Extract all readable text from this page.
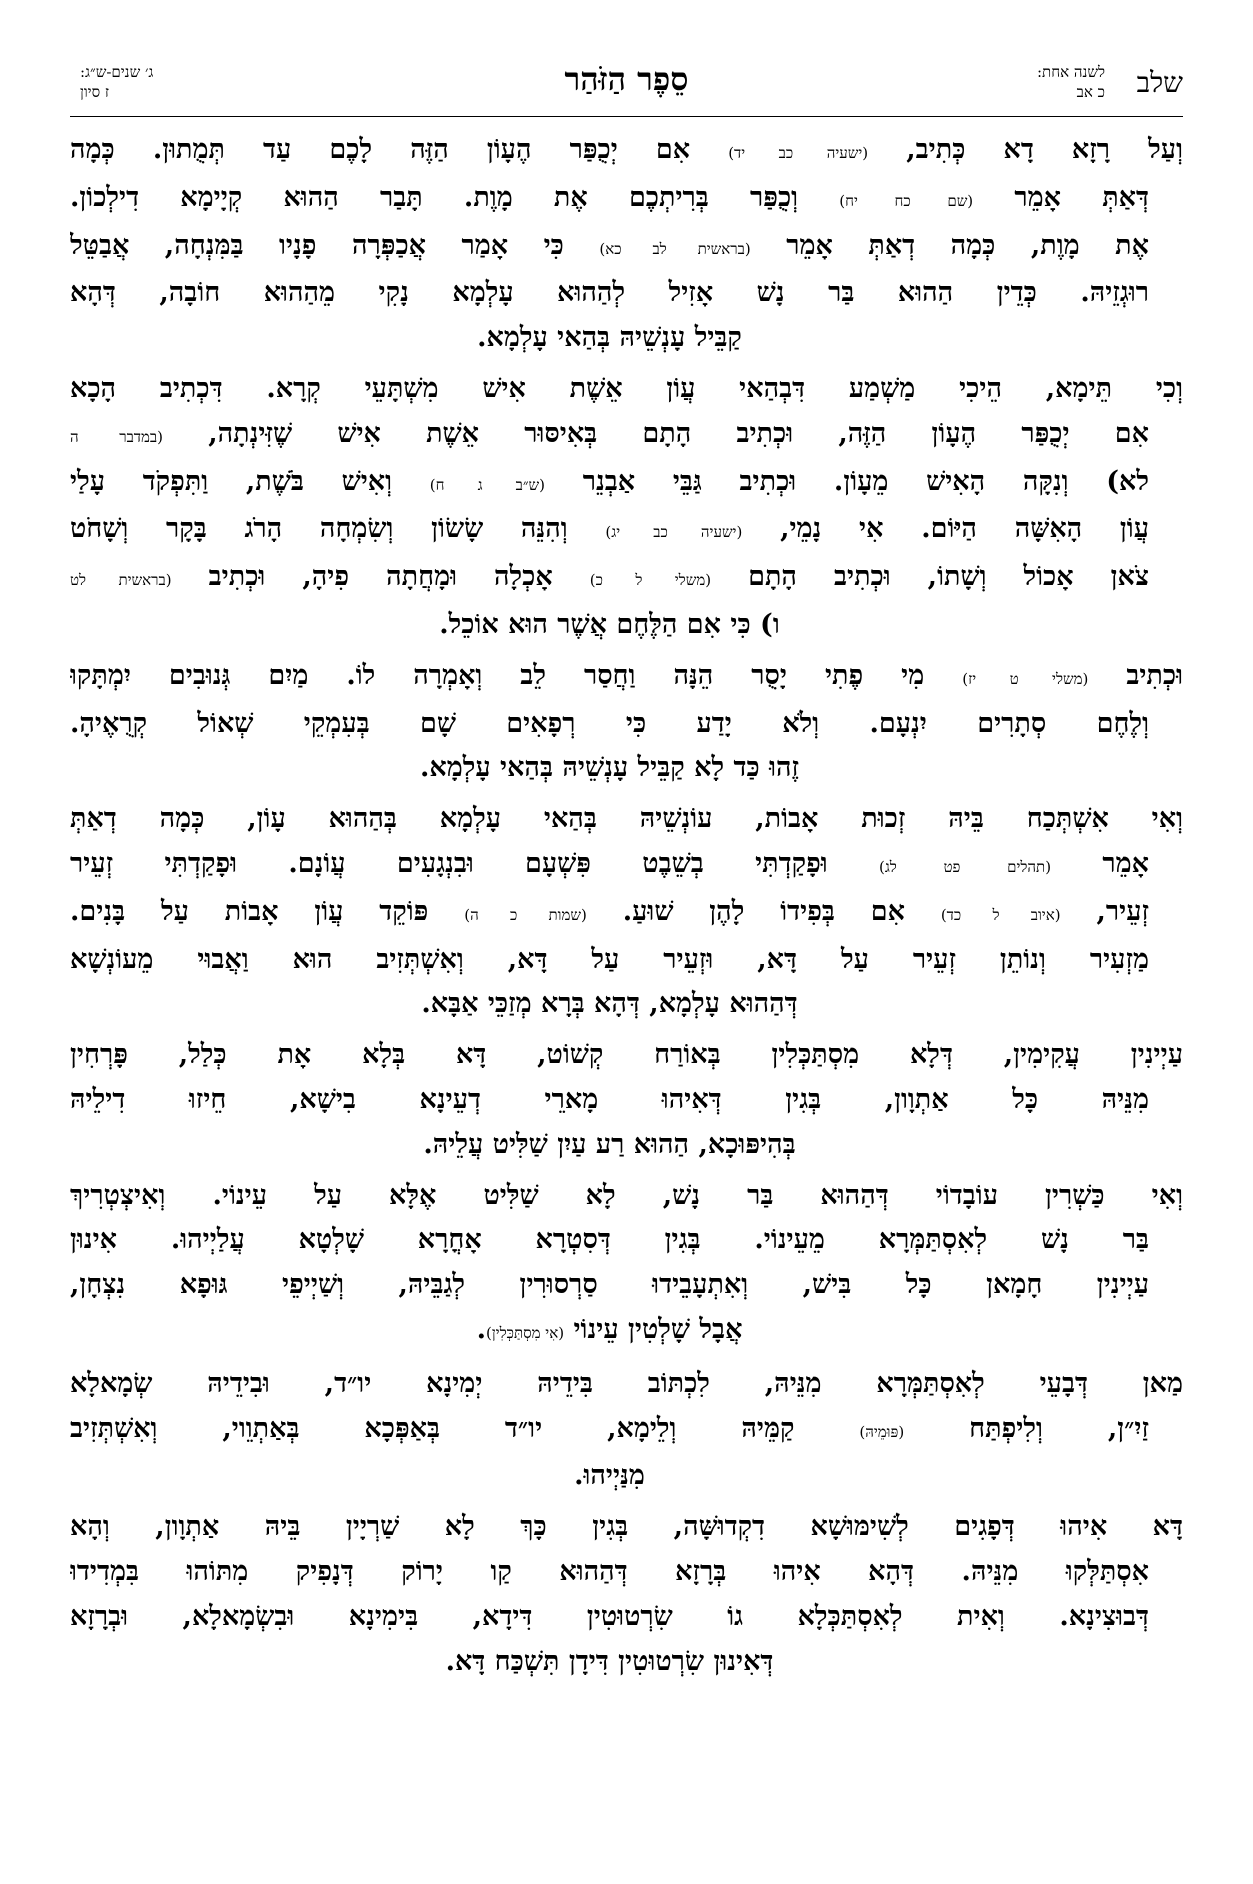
שלב
לשנה אחת:
כ אב
סֵפֶר הַזֹּהַר
ג׳ שנים-ש״ג:
ז סיון
וְעַל רָזָא דָא כְּתִיב, (ישעיה כב יד) אִם יְכֻפַּר הֶעָוֹן הַזֶּה לָכֶם עַד תְּמֻתוּן. כְּמָה
דְּאַתְּ אָמֵר (שם כח יח) וְכֻפַּר בְּרִיתְכֶם אֶת מָוֶת. תָּבַר הַהוּא קְיָימָא דִילְכוֹן.
אֶת מָוֶת, כְּמָה דְאַתְּ אָמֵר (בראשית לב כא) כִּי אָמַר אֲכַפְּרָה פָנָיו בַּמִּנְחָה, אֲבַטֵּל
רוּגְזֵיהּ. כְּדֵין הַהוּא בַּר נָשׁ אָזִיל לְהַהוּא עָלְמָא נָקִי מֵהַהוּא חוֹבָה, דְּהָא
קַבֵּיל עָנְשֵׁיהּ בְּהַאי עָלְמָא.
וְכִי תֵּימָא, הֵיכִי מַשְׁמַע דִּבְהַאי עֲוֹן אֵשֶׁת אִישׁ מִשְׁתָּעֵי קְרָא. דִּכְתִיב הָכָא
אִם יְכֻפַּר הֶעָוֹן הַזֶּה, וּכְתִיב הָתָם בְּאִיסּוּר אֵשֶׁת אִישׁ שֶׁזִּינְתָה, (במדבר ה
לא) וְנִקָּה הָאִישׁ מֵעָוֹן. וּכְתִיב גַּבֵּי אַבְנֵר (ש״ב ג ח) וְאִישׁ בֹּשֶׁת, וַתִּפְקֹד עָלַי
עֲוֹן הָאִשָּׁה הַיּוֹם. אִי נָמֵי, (ישעיה כב יג) וְהִנֵּה שָׂשׂוֹן וְשִׂמְחָה הָרֹג בָּקָר וְשָׁחֹט
צֹאן אָכוֹל וְשָׁתוֹ, וּכְתִיב הָתָם (משלי ל כ) אָכְלָה וּמָחֲתָה פִיהָ, וּכְתִיב (בראשית לט
ו) כִּי אִם הַלֶּחֶם אֲשֶׁר הוּא אוֹכֵל.
וּכְתִיב (משלי ט יז) מִי פֶתִי יָסֻר הֵנָּה וַחֲסַר לֵב וְאָמְרָה לוֹ. מַיִם גְּנוּבִים יִמְתָּקוּ
וְלֶחֶם סְתָרִים יִנְעָם. וְלֹא יָדַע כִּי רְפָאִים שָׁם בְּעִמְקֵי שְׁאוֹל קְרֻאֶיהָ.
זֶהוּ כַּד לָא קַבֵּיל עָנְשֵׁיהּ בְּהַאי עָלְמָא.
וְאִי אִשְׁתְּכַח בֵּיהּ זְכוּת אָבוֹת, עוֹנְשֵׁיהּ בְּהַאי עָלְמָא בְּהַהוּא עָוֹן, כְּמָה דְאַתְּ
אָמֵר (תהלים פט לג) וּפָקַדְתִּי בְשֵׁבֶט פִּשְׁעָם וּבִנְגָעִים עֲוֹנָם. וּפָקַדְתִּי זְעֵיר
זְעֵיר, (איוב ל כד) אִם בְּפִידוֹ לָהֶן שׁוּעַ. (שמות כ ה) פּוֹקֵד עֲוֹן אָבוֹת עַל בָּנִים.
מַזְעִיר וְנוֹתֵן זְעֵיר עַל דָּא, וּזְעֵיר עַל דָּא, וְאִשְׁתְּזִיב הוּא וַאֲבוּי מֵעוֹנְשָׁא
דְּהַהוּא עָלְמָא, דְּהָא בְּרָא מְזַכֵּי אַבָּא.
עַיְינִין עֲקִימִין, דְּלָא מִסְתַּכְּלִין בְּאוֹרַח קְשׁוֹט, דָּא בְּלָא אָת כְּלַל, פָּרְחִין
מִנֵּיהּ כָּל אַתְוָון, בְּגִין דְּאִיהוּ מָארֵי דְעֵינָא בִישָׁא, חֵיזוּ דִילֵיהּ
בְּהִיפּוּכָא, הַהוּא רַע עַיִן שַׁלִּיט עֲלֵיהּ.
וְאִי כַּשְׁרִין עוֹבָדוֹי דְּהַהוּא בַּר נָשׁ, לָא שַׁלִּיט אֶלָּא עַל עֵינוֹי. וְאִיצְטְרִיךְ
בַּר נָשׁ לְאִסְתַּמְּרָא מֵעֵינוֹי. בְּגִין דְּסִטְרָא אָחֳרָא שָׁלְטָא עֲלַיְיהוּ. אִינוּן
עַיְינִין חָמָאן כָּל בִּישׁ, וְאִתְעָבֵידוּ סַרְסוּרִין לְגַבֵּיהּ, וְשַׁיְיפֵי גּוּפָא נִצְחָן,
אֲבָל שָׁלְטִין עֵינוֹי (אִי מִסְתַּכְּלִין).
מַאן דְּבָעֵי לְאִסְתַּמְּרָא מִנֵּיהּ, לִכְתּוֹב בִּידֵיהּ יְמִינָא יו״ד, וּבִידֵיהּ שְׂמָאלָא
זַיִ״ן, וְלִיפְתַּח (פּוּמֵיהּ) קַמֵּיהּ וְלֵימָא, יו״ד בְּאַפְּכָא בְּאַתְוֵוי, וְאִשְׁתְּזִיב
מִנַּיְיהוּ.
דָּא אִיהוּ דְּפָגִים לְשִׁימּוּשָׁא דִקְדוּשָּׁה, בְּגִין כָּךְ לָא שַׁרְיָין בֵּיהּ אַתְוָון, וְהָא
אִסְתַּלְּקוּ מִנֵּיהּ. דְּהָא אִיהוּ בְּרָזָא דְּהַהוּא קַו יָרוֹק דְּנָפִיק מִתּוֹהוּ בִּמְדִידוּ
דְּבוּצִינָא. וְאִית לְאִסְתַּכְּלָא גוֹ שִׂרְטוּטִין דִּידָא, בִּימִינָא וּבִשְׂמָאלָא, וּבְרָזָא
דְּאִינוּן שִׂרְטוּטִין דִּידָן תִּשְׁכַּח דָּא.
